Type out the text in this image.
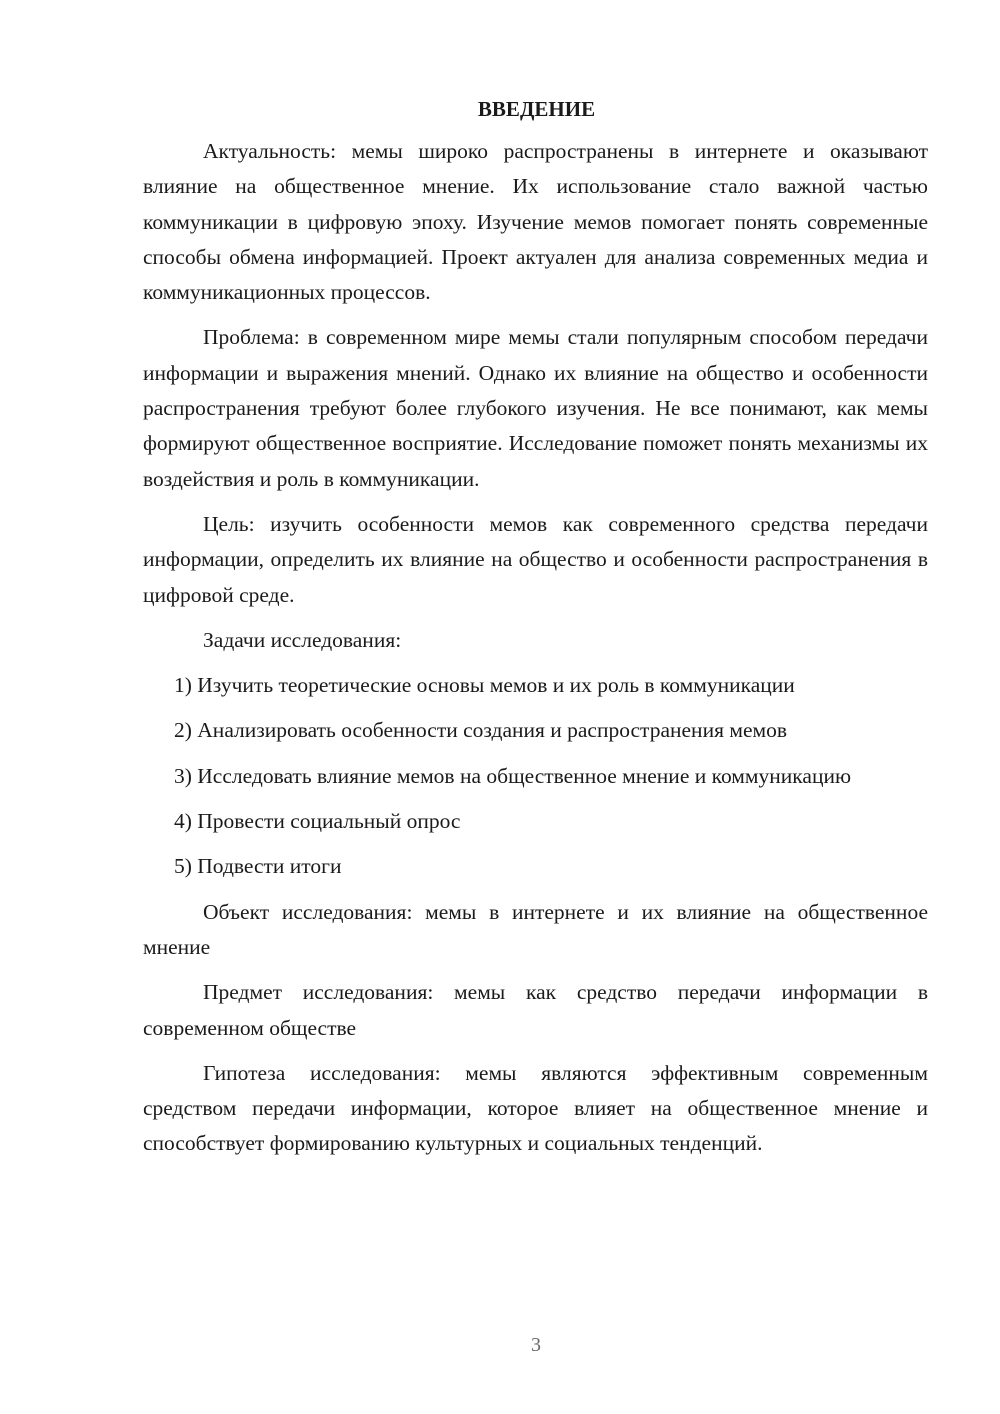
ВВЕДЕНИЕ

Актуальность: мемы широко распространены в интернете и оказывают влияние на общественное мнение. Их использование стало важной частью коммуникации в цифровую эпоху. Изучение мемов помогает понять современные способы обмена информацией. Проект актуален для анализа современных медиа и коммуникационных процессов.

Проблема: в современном мире мемы стали популярным способом передачи информации и выражения мнений. Однако их влияние на общество и особенности распространения требуют более глубокого изучения. Не все понимают, как мемы формируют общественное восприятие. Исследование поможет понять механизмы их воздействия и роль в коммуникации.

Цель: изучить особенности мемов как современного средства передачи информации, определить их влияние на общество и особенности распространения в цифровой среде.

Задачи исследования:

1) Изучить теоретические основы мемов и их роль в коммуникации

2) Анализировать особенности создания и распространения мемов

3) Исследовать влияние мемов на общественное мнение и коммуникацию

4) Провести социальный опрос

5) Подвести итоги

Объект исследования: мемы в интернете и их влияние на общественное мнение

Предмет исследования: мемы как средство передачи информации в современном обществе

Гипотеза исследования: мемы являются эффективным современным средством передачи информации, которое влияет на общественное мнение и способствует формированию культурных и социальных тенденций.

3
